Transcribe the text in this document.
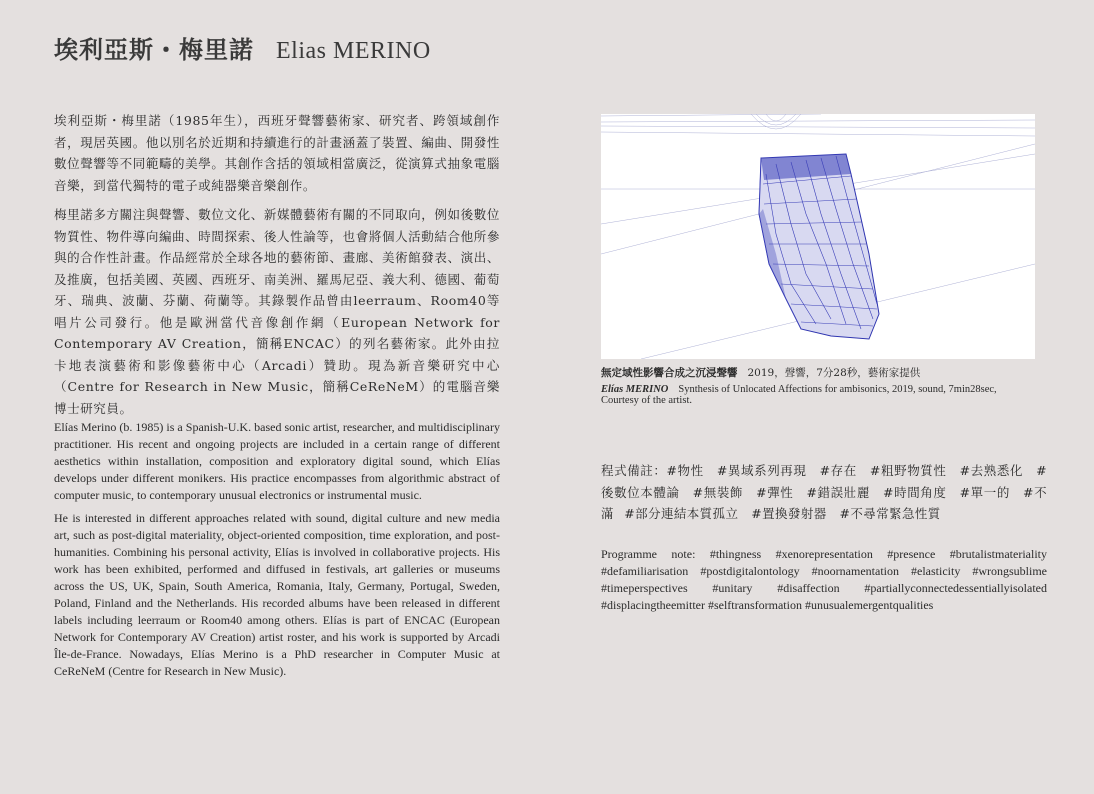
埃利亞斯・梅里諾 Elias MERINO

埃利亞斯・梅里諾（1985年生），西班牙聲響藝術家、研究者、跨領域創作者，現居英國。他以別名於近期和持續進行的計畫涵蓋了裝置、編曲、開發性數位聲響等不同範疇的美學。其創作含括的領域相當廣泛，從演算式抽象電腦音樂，到當代獨特的電子或純器樂音樂創作。

梅里諾多方關注與聲響、數位文化、新媒體藝術有關的不同取向，例如後數位物質性、物件導向編曲、時間探索、後人性論等，也會將個人活動結合他所參與的合作性計畫。作品經常於全球各地的藝術節、畫廊、美術館發表、演出、及推廣，包括美國、英國、西班牙、南美洲、羅馬尼亞、義大利、德國、葡萄牙、瑞典、波蘭、芬蘭、荷蘭等。其錄製作品曾由leerraum、Room40等唱片公司發行。他是歐洲當代音像創作網（European Network for Contemporary AV Creation，簡稱ENCAC）的列名藝術家。此外由拉卡地表演藝術和影像藝術中心（Arcadi）贊助。現為新音樂研究中心（Centre for Research in New Music，簡稱CeReNeM）的電腦音樂博士研究員。

Elías Merino (b. 1985) is a Spanish-U.K. based sonic artist, researcher, and multidisciplinary practitioner. His recent and ongoing projects are included in a certain range of different aesthetics within installation, composition and exploratory digital sound, which Elías develops under different monikers. His practice encompasses from algorithmic abstract of computer music, to contemporary unusual electronics or instrumental music.

He is interested in different approaches related with sound, digital culture and new media art, such as post-digital materiality, object-oriented composition, time exploration, and post-humanities. Combining his personal activity, Elías is involved in collaborative projects. His work has been exhibited, performed and diffused in festivals, art galleries or museums across the US, UK, Spain, South America, Romania, Italy, Germany, Portugal, Sweden, Poland, Finland and the Netherlands. His recorded albums have been released in different labels including leerraum or Room40 among others. Elías is part of ENCAC (European Network for Contemporary AV Creation) artist roster, and his work is supported by Arcadi Île-de-France. Nowadays, Elías Merino is a PhD researcher in Computer Music at CeReNeM (Centre for Research in New Music).

無定域性影響合成之沉浸聲響 2019，聲響，7分28秒，藝術家提供
Elías MERINO Synthesis of Unlocated Affections for ambisonics, 2019, sound, 7min28sec, Courtesy of the artist.
程式備註：#物性　#異域系列再現　#存在　#粗野物質性　#去熟悉化　#後數位本體論　#無裝飾　#彈性　#錯誤壯麗　#時間角度　#單一的　#不滿 #部分連結本質孤立　#置換發射器　#不尋常緊急性質
Programme note: #thingness #xenorepresentation #presence #brutalistmateriality #defamiliarisation #postdigitalontology #noornamentation #elasticity #wrongsublime #timeperspectives #unitary #disaffection #partiallyconnectedessentiallyisolated #displacingtheemitter #selftransformation #unusualemergentqualities
